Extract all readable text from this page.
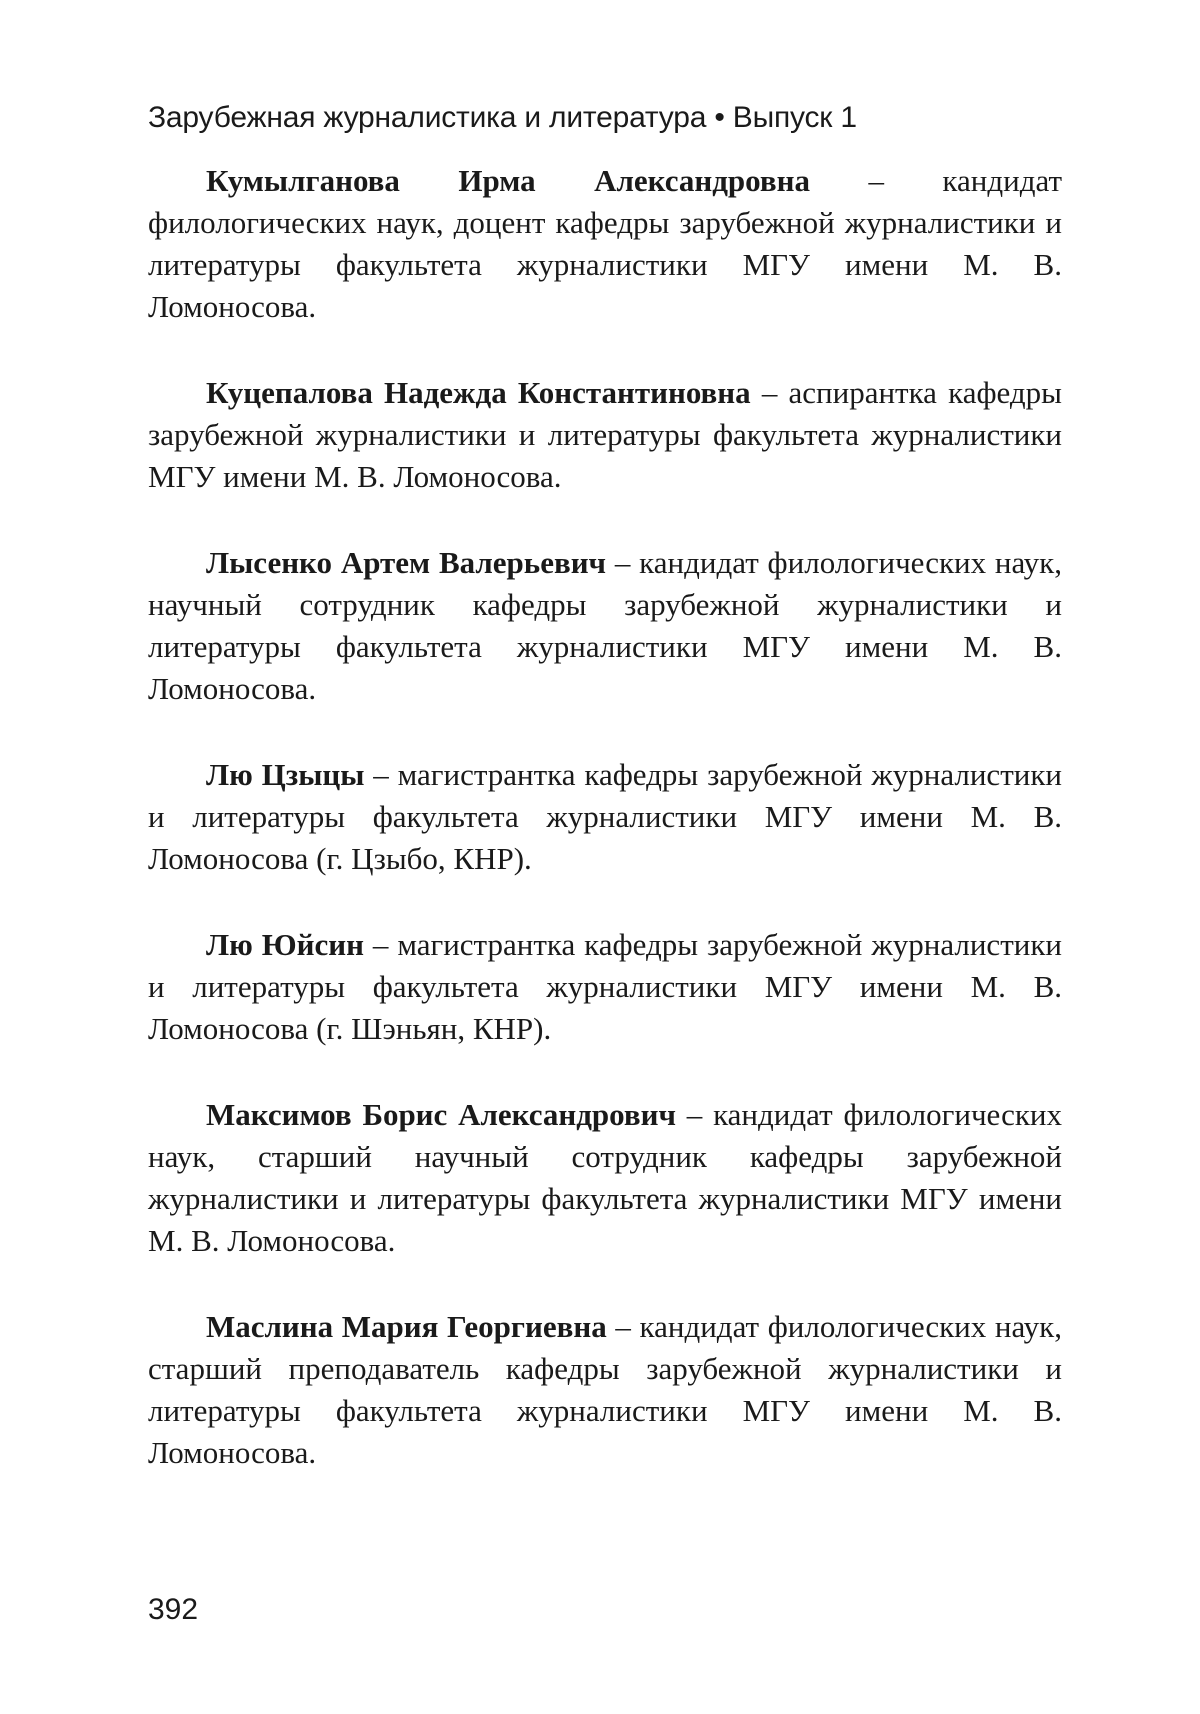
Зарубежная журналистика и литература • Выпуск 1

Кумылганова Ирма Александровна – кандидат филологических наук, доцент кафедры зарубежной журналистики и литературы факультета журналистики МГУ имени М. В. Ломоносова.

Куцепалова Надежда Константиновна – аспирантка кафедры зарубежной журналистики и литературы факультета журналистики МГУ имени М. В. Ломоносова.

Лысенко Артем Валерьевич – кандидат филологических наук, научный сотрудник кафедры зарубежной журналистики и литературы факультета журналистики МГУ имени М. В. Ломоносова.

Лю Цзыцы – магистрантка кафедры зарубежной журналистики и литературы факультета журналистики МГУ имени М. В. Ломоносова (г. Цзыбо, КНР).

Лю Юйсин – магистрантка кафедры зарубежной журналистики и литературы факультета журналистики МГУ имени М. В. Ломоносова (г. Шэньян, КНР).

Максимов Борис Александрович – кандидат филологических наук, старший научный сотрудник кафедры зарубежной журналистики и литературы факультета журналистики МГУ имени М. В. Ломоносова.

Маслина Мария Георгиевна – кандидат филологических наук, старший преподаватель кафедры зарубежной журналистики и литературы факультета журналистики МГУ имени М. В. Ломоносова.

392
